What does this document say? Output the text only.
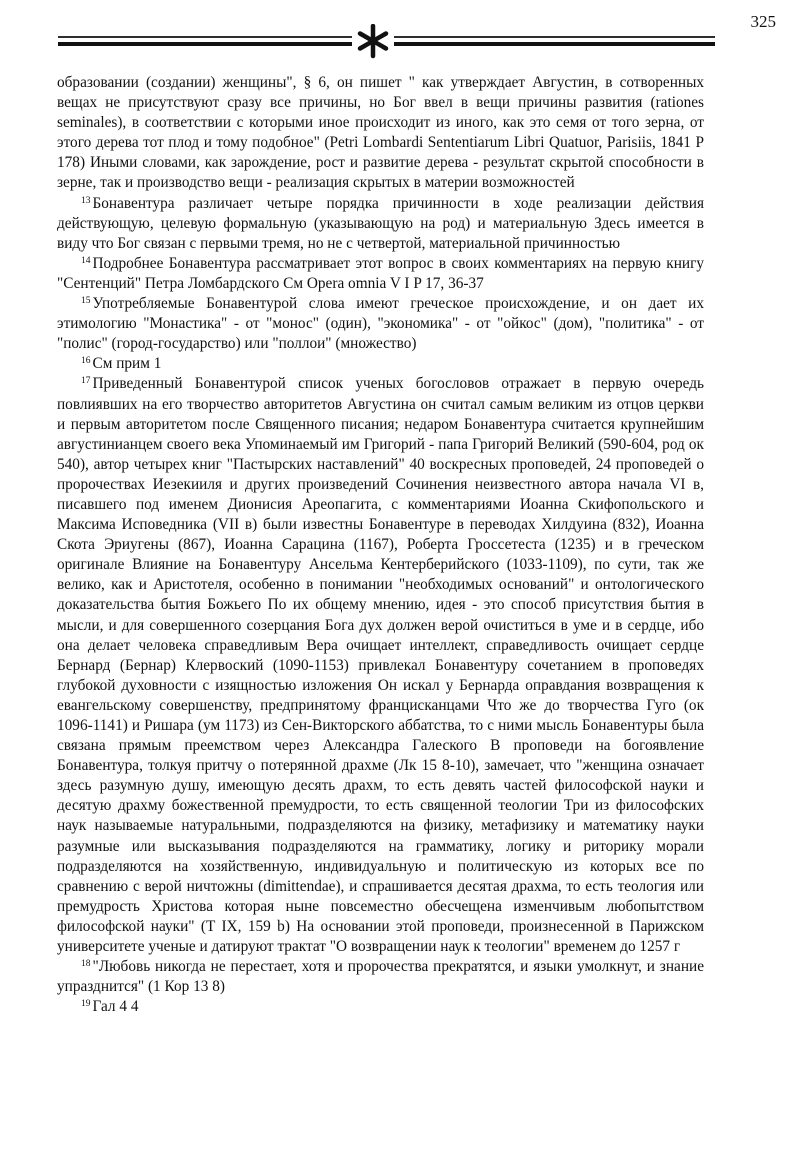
325

образовании (создании) женщины", § 6, он пишет " как утверждает Августин, в сотворенных вещах не присутствуют сразу все причины, но Бог ввел в вещи причины развития (rationes seminales), в соответствии с которыми иное происходит из иного, как это семя от того зерна, от этого дерева тот плод и тому подобное" (Petri Lombardi Sententiarum Libri Quatuor, Parisiis, 1841 P 178) Иными словами, как зарождение, рост и развитие дерева - результат скрытой способности в зерне, так и производство вещи - реализация скрытых в материи возможностей

$^{13}$ Бонавентура различает четыре порядка причинности в ходе реализации действия действующую, целевую формальную (указывающую на род) и материальную Здесь имеется в виду что Бог связан с первыми тремя, но не с четвертой, материальной причинностью

$^{14}$ Подробнее Бонавентура рассматривает этот вопрос в своих комментариях на первую книгу "Сентенций" Петра Ломбардского См Opera omnia V I P 17, 36-37

$^{15}$ Употребляемые Бонавентурой слова имеют греческое происхождение, и он дает их этимологию "Монастика" - от "монос" (один), "экономика" - от "ойкос" (дом), "политика" - от "полис" (город-государство) или "поллои" (множество)

$^{16}$ См прим 1

$^{17}$ Приведенный Бонавентурой список ученых богословов отражает в первую очередь повлиявших на его творчество авторитетов Августина он считал самым великим из отцов церкви и первым авторитетом после Священного писания; недаром Бонавентура считается крупнейшим августинианцем своего века Упоминаемый им Григорий - папа Григорий Великий (590-604, род ок 540), автор четырех книг "Пастырских наставлений" 40 воскресных проповедей, 24 проповедей о пророчествах Иезекииля и других произведений Сочинения неизвестного автора начала VI в, писавшего под именем Дионисия Ареопагита, с комментариями Иоанна Скифопольского и Максима Исповедника (VII в) были известны Бонавентуре в переводах Хилдуина (832), Иоанна Скота Эриугены (867), Иоанна Сарацина (1167), Роберта Гроссетеста (1235) и в греческом оригинале Влияние на Бонавентуру Ансельма Кентерберийского (1033-1109), по сути, так же велико, как и Аристотеля, особенно в понимании "необходимых оснований" и онтологического доказательства бытия Божьего По их общему мнению, идея - это способ присутствия бытия в мысли, и для совершенного созерцания Бога дух должен верой очиститься в уме и в сердце, ибо она делает человека справедливым Вера очищает интеллект, справедливость очищает сердце Бернард (Бернар) Клервоский (1090-1153) привлекал Бонавентуру сочетанием в проповедях глубокой духовности с изящностью изложения Он искал у Бернарда оправдания возвращения к евангельскому совершенству, предпринятому францисканцами Что же до творчества Гуго (ок 1096-1141) и Ришара (ум 1173) из Сен-Викторского аббатства, то с ними мысль Бонавентуры была связана прямым преемством через Александра Галеского В проповеди на богоявление Бонавентура, толкуя притчу о потерянной драхме (Лк 15 8-10), замечает, что "женщина означает здесь разумную душу, имеющую десять драхм, то есть девять частей философской науки и десятую драхму божественной премудрости, то есть священной теологии Три из философских наук называемые натуральными, подразделяются на физику, метафизику и математику науки разумные или высказывания подразделяются на грамматику, логику и риторику морали подразделяются на хозяйственную, индивидуальную и политическую из которых все по сравнению с верой ничтожны (dimittendae), и спрашивается десятая драхма, то есть теология или премудрость Христова которая ныне повсеместно обесчещена изменчивым любопытством философской науки" (T IX, 159 b) На основании этой проповеди, произнесенной в Парижском университете ученые и датируют трактат "О возвращении наук к теологии" временем до 1257 г

$^{18}$ "Любовь никогда не перестает, хотя и пророчества прекратятся, и языки умолкнут, и знание упразднится" (1 Кор 13 8)

$^{19}$ Гал 4 4
